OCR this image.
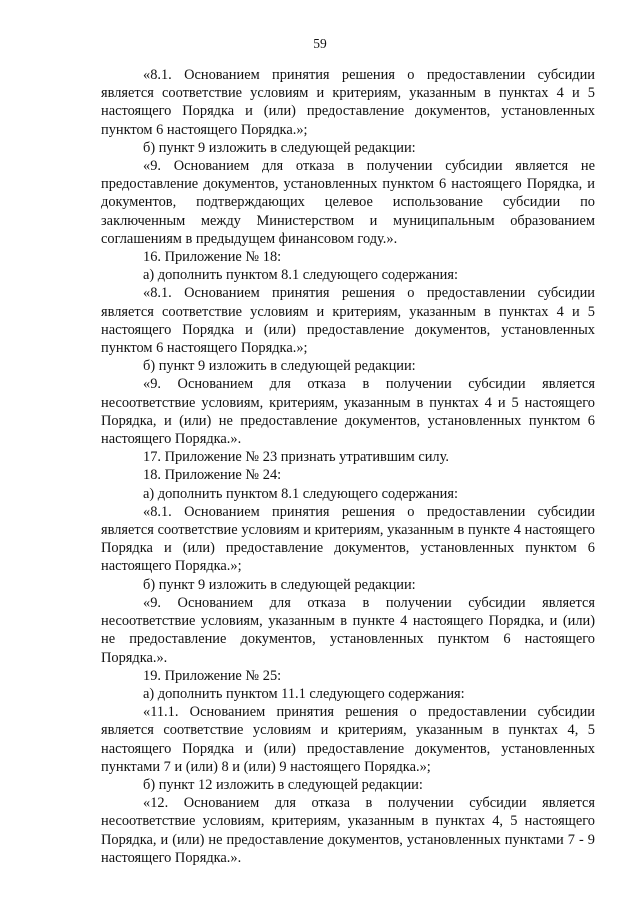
59

«8.1. Основанием принятия решения о предоставлении субсидии является соответствие условиям и критериям, указанным в пунктах 4 и 5 настоящего Порядка и (или) предоставление документов, установленных пунктом 6 настоящего Порядка.»;

б) пункт 9 изложить в следующей редакции:

«9. Основанием для отказа в получении субсидии является не предоставление документов, установленных пунктом 6 настоящего Порядка, и документов, подтверждающих целевое использование субсидии по заключенным между Министерством и муниципальным образованием соглашениям в предыдущем финансовом году.».

16. Приложение № 18:

а) дополнить пунктом 8.1 следующего содержания:

«8.1. Основанием принятия решения о предоставлении субсидии является соответствие условиям и критериям, указанным в пунктах 4 и 5 настоящего Порядка и (или) предоставление документов, установленных пунктом 6 настоящего Порядка.»;

б) пункт 9 изложить в следующей редакции:

«9. Основанием для отказа в получении субсидии является несоответствие условиям, критериям, указанным в пунктах 4 и 5 настоящего Порядка, и (или) не предоставление документов, установленных пунктом 6 настоящего Порядка.».

17. Приложение № 23 признать утратившим силу.

18. Приложение № 24:

а) дополнить пунктом 8.1 следующего содержания:

«8.1. Основанием принятия решения о предоставлении субсидии является соответствие условиям и критериям, указанным в пункте 4 настоящего Порядка и (или) предоставление документов, установленных пунктом 6 настоящего Порядка.»;

б) пункт 9 изложить в следующей редакции:

«9. Основанием для отказа в получении субсидии является несоответствие условиям, указанным в пункте 4 настоящего Порядка, и (или) не предоставление документов, установленных пунктом 6 настоящего Порядка.».

19. Приложение № 25:

а) дополнить пунктом 11.1 следующего содержания:

«11.1. Основанием принятия решения о предоставлении субсидии является соответствие условиям и критериям, указанным в пунктах 4, 5 настоящего Порядка и (или) предоставление документов, установленных пунктами 7 и (или) 8 и (или) 9 настоящего Порядка.»;

б) пункт 12 изложить в следующей редакции:

«12. Основанием для отказа в получении субсидии является несоответствие условиям, критериям, указанным в пунктах 4, 5 настоящего Порядка, и (или) не предоставление документов, установленных пунктами 7 - 9 настоящего Порядка.».
